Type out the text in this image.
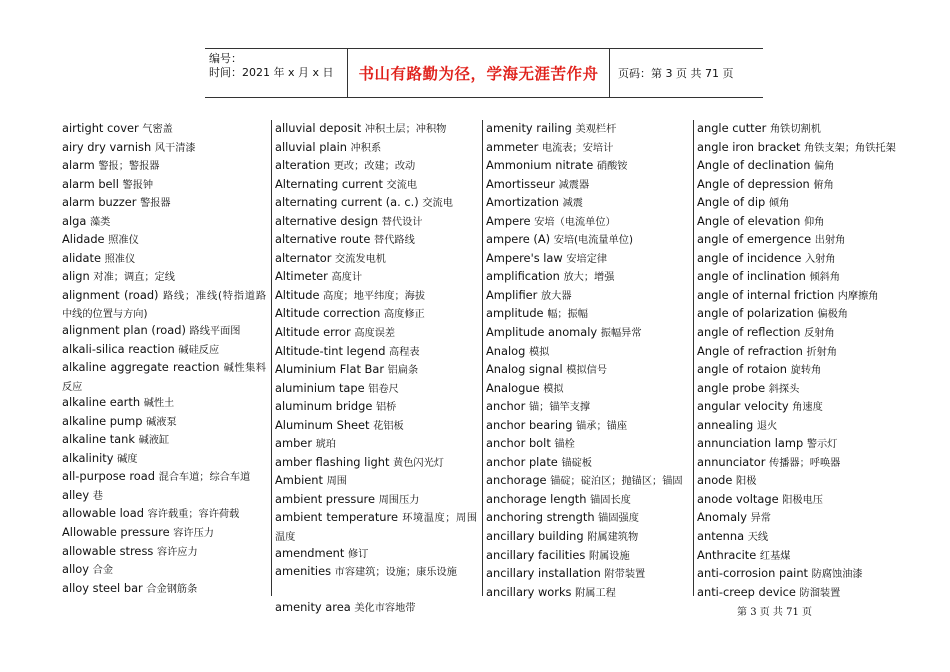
编号：
时间：2021 年 x 月 x 日	书山有路勤为径，学海无涯苦作舟	页码：第 3 页 共 71 页
airtight cover 气密盖
airy dry varnish 风干清漆
alarm 警报；警报器
alarm bell 警报钟
alarm buzzer 警报器
alga 藻类
Alidade 照准仪
alidate 照准仪
align 对准；调直；定线
alignment (road) 路线；准线(特指道路中线的位置与方向)
alignment plan (road) 路线平面图
alkali-silica reaction 碱硅反应
alkaline aggregate reaction 碱性集料反应
alkaline earth 碱性土
alkaline pump 碱液泵
alkaline tank 碱液缸
alkalinity 碱度
all-purpose road 混合车道；综合车道
alley 巷
allowable load 容许载重；容许荷载
Allowable pressure 容许压力
allowable stress 容许应力
alloy 合金
alloy steel bar 合金钢筋条
alluvial deposit 冲积土层；冲积物
alluvial plain 冲积系
alteration 更改；改建；改动
Alternating current 交流电
alternating current (a. c.) 交流电
alternative design 替代设计
alternative route 替代路线
alternator 交流发电机
Altimeter 高度计
Altitude 高度；地平纬度；海拔
Altitude correction 高度修正
Altitude error 高度误差
Altitude-tint legend 高程表
Aluminium Flat Bar 铝扁条
aluminium tape 铝卷尺
aluminum bridge 铝桥
Aluminum Sheet 花铝板
amber 琥珀
amber flashing light 黄色闪光灯
Ambient 周围
ambient pressure 周围压力
ambient temperature 环境温度；周围温度
amendment 修订
amenities 市容建筑；设施；康乐设施
amenity area 美化市容地带
amenity railing 美观栏杆
ammeter 电流表；安培计
Ammonium nitrate 硝酸铵
Amortisseur 减震器
Amortization 减震
Ampere 安培（电流单位）
ampere (A) 安培(电流量单位)
Ampere's law 安培定律
amplification 放大；增强
Amplifier 放大器
amplitude 幅；振幅
Amplitude anomaly 振幅异常
Analog 模拟
Analog signal 模拟信号
Analogue 模拟
anchor 锚；锚竿支撑
anchor bearing 锚承；锚座
anchor bolt 锚栓
anchor plate 锚碇板
anchorage 锚碇；碇泊区；抛锚区；锚固
anchorage length 锚固长度
anchoring strength 锚固强度
ancillary building 附属建筑物
ancillary facilities 附属设施
ancillary installation 附带装置
ancillary works 附属工程
angle cutter 角铁切割机
angle iron bracket 角铁支架；角铁托架
Angle of declination 偏角
Angle of depression 俯角
Angle of dip 倾角
Angle of elevation 仰角
angle of emergence 出射角
angle of incidence 入射角
angle of inclination 倾斜角
angle of internal friction 内摩擦角
angle of polarization 偏极角
angle of reflection 反射角
Angle of refraction 折射角
angle of rotaion 旋转角
angle probe 斜探头
angular velocity 角速度
annealing 退火
annunciation lamp 警示灯
annunciator 传播器；呼唤器
anode 阳极
anode voltage 阳极电压
Anomaly 异常
antenna 天线
Anthracite 红基煤
anti-corrosion paint 防腐蚀油漆
anti-creep device 防溜装置
第 3 页 共 71 页
